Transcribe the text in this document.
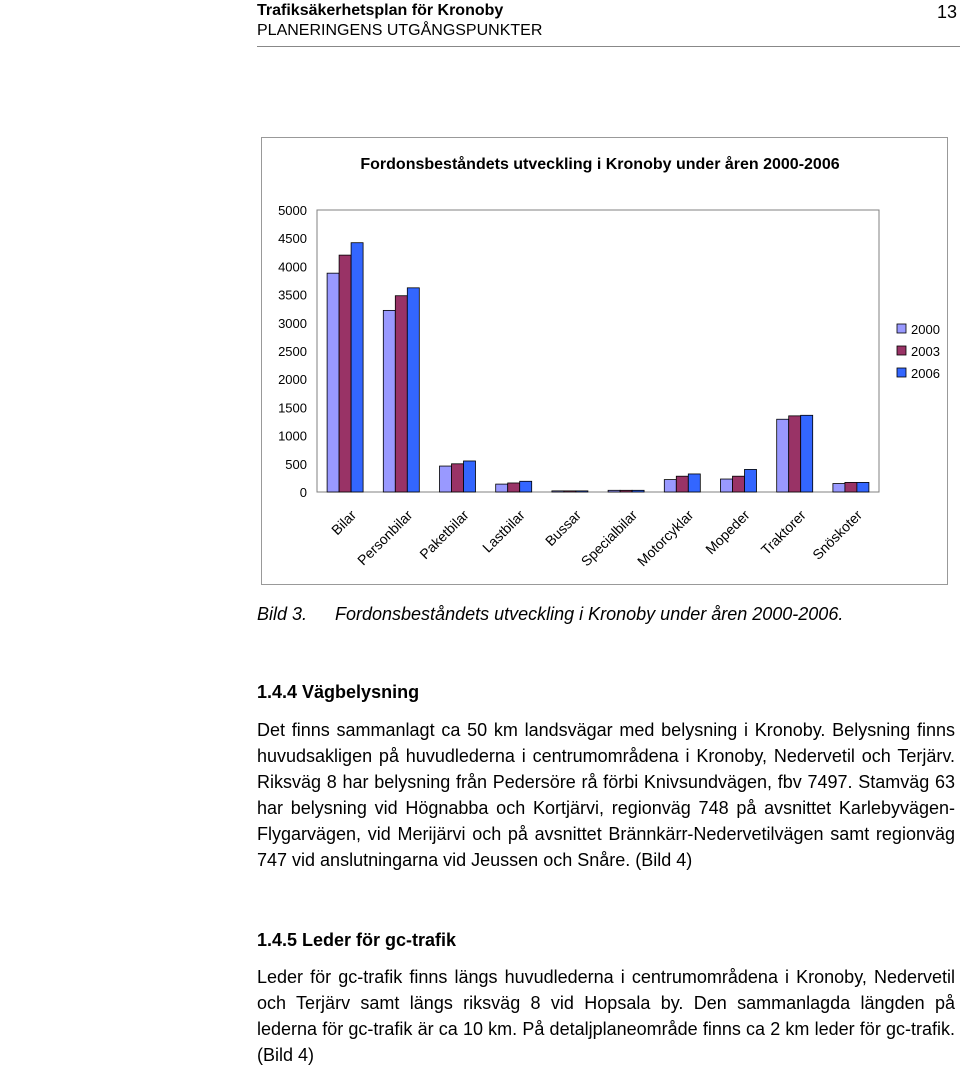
Trafiksäkerhetsplan för Kronoby
PLANERINGENS UTGÅNGSPUNKTER
13
Fordonsbeståndets utveckling i Kronoby under åren 2000-2006
0
500
1000
1500
2000
2500
3000
3500
4000
4500
5000
Bilar
Personbilar Paketbilar Lastbilar Bussar
Specialbilar
Motorcyklar Mopeder Traktorer Snöskoter
2000
2003
2006
Bild 3. Fordonsbeståndets utveckling i Kronoby under åren 2000-2006.
1.4.4 Vägbelysning
Det finns sammanlagt ca 50 km landsvägar med belysning i Kronoby. Belysning finns huvudsakligen på huvudlederna i centrumområdena i Kronoby, Nedervetil och Terjärv. Riksväg 8 har belysning från Pedersöre rå förbi Knivsundvägen, fbv 7497. Stamväg 63 har belysning vid Högnabba och Kortjärvi, regionväg 748 på avsnittet Karlebyvägen-Flygarvägen, vid Merijärvi och på avsnittet Brännkärr-Nedervetilvägen samt regionväg 747 vid anslutningarna vid Jeussen och Snåre. (Bild 4)
1.4.5 Leder för gc-trafik
Leder för gc-trafik finns längs huvudlederna i centrumområdena i Kronoby, Nedervetil och Terjärv samt längs riksväg 8 vid Hopsala by. Den sammanlagda längden på lederna för gc-trafik är ca 10 km. På detaljplaneområde finns ca 2 km leder för gc-trafik. (Bild 4)
